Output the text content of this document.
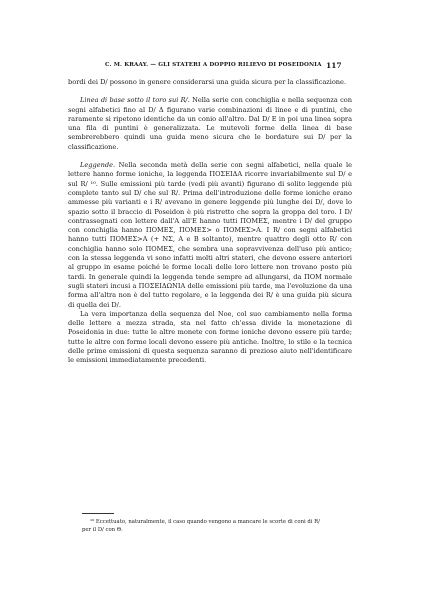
C. M. KRAAY. — GLI STATERI A DOPPIO RILIEVO DI POSEIDONIA 117

bordi dei D/ possono in genere considerarsi una guida sicura per la classificazione.

Linea di base sotto il toro sui R/. Nella serie con conchiglia e nella sequenza con segni alfabetici fino al D/ Δ figurano varie combinazioni di linee e di puntini, che raramente si ripetono identiche da un conio all'altro. Dal D/ E in poi una linea sopra una fila di puntini è generalizzata. Le mutevoli forme della linea di base sembrerebbero quindi una guida meno sicura che le bordature sui D/ per la classificazione.

Leggende. Nella seconda metà della serie con segni alfabetici, nella quale le lettere hanno forme ioniche, la leggenda ΠΟΣΕΙΔΑ ricorre invariabilmente sul D/ e sul R/ ¹⁰. Sulle emissioni più tarde (vedi più avanti) figurano di solito leggende più complete tanto sul D/ che sul R/. Prima dell'introduzione delle forme ioniche erano ammesse più varianti e i R/ avevano in genere leggende più lunghe dei D/, dove lo spazio sotto il braccio di Poseidon è più ristretto che sopra la groppa del toro. I D/ contrassegnati con lettere dall'A all'E hanno tutti ΠΟΜΕΣ, mentre i D/ del gruppo con conchiglia hanno ΠΟΜΕΣ, ΠΟΜΕΣ> o ΠΟΜΕΣ>A. I R/ con segni alfabetici hanno tutti ΠΟΜΕΣ>A (+ NΣ, A e B soltanto), mentre quattro degli otto R/ con conchiglia hanno solo ΠΟΜΕΣ, che sembra una sopravvivenza dell'uso più antico; con la stessa leggenda vi sono infatti molti altri stateri, che devono essere anteriori al gruppo in esame poiché le forme locali delle loro lettere non trovano posto più tardi. In generale quindi la leggenda tende sempre ad allungarsi, da ΠΟΜ normale sugli stateri incusi a ΠΟΣΕΙΔΩΝΙΑ delle emissioni più tarde, ma l'evoluzione da una forma all'altra non è del tutto regolare, e la leggenda dei R/ è una guida più sicura di quella dei D/.

La vera importanza della sequenza del Noe, col suo cambiamento nella forma delle lettere a mezza strada, sta nel fatto ch'essa divide la monetazione di Poseidonia in due: tutte le altre monete con forme ioniche devono essere più tarde; tutte le altre con forme locali devono essere più antiche. Inoltre, lo stile e la tecnica delle prime emissioni di questa sequenza saranno di prezioso aiuto nell'identificare le emissioni immediatamente precedenti.

¹⁰ Eccettuato, naturalmente, il caso quando vengono a mancare le scorte di coni di R/
per il D/ con Θ.
